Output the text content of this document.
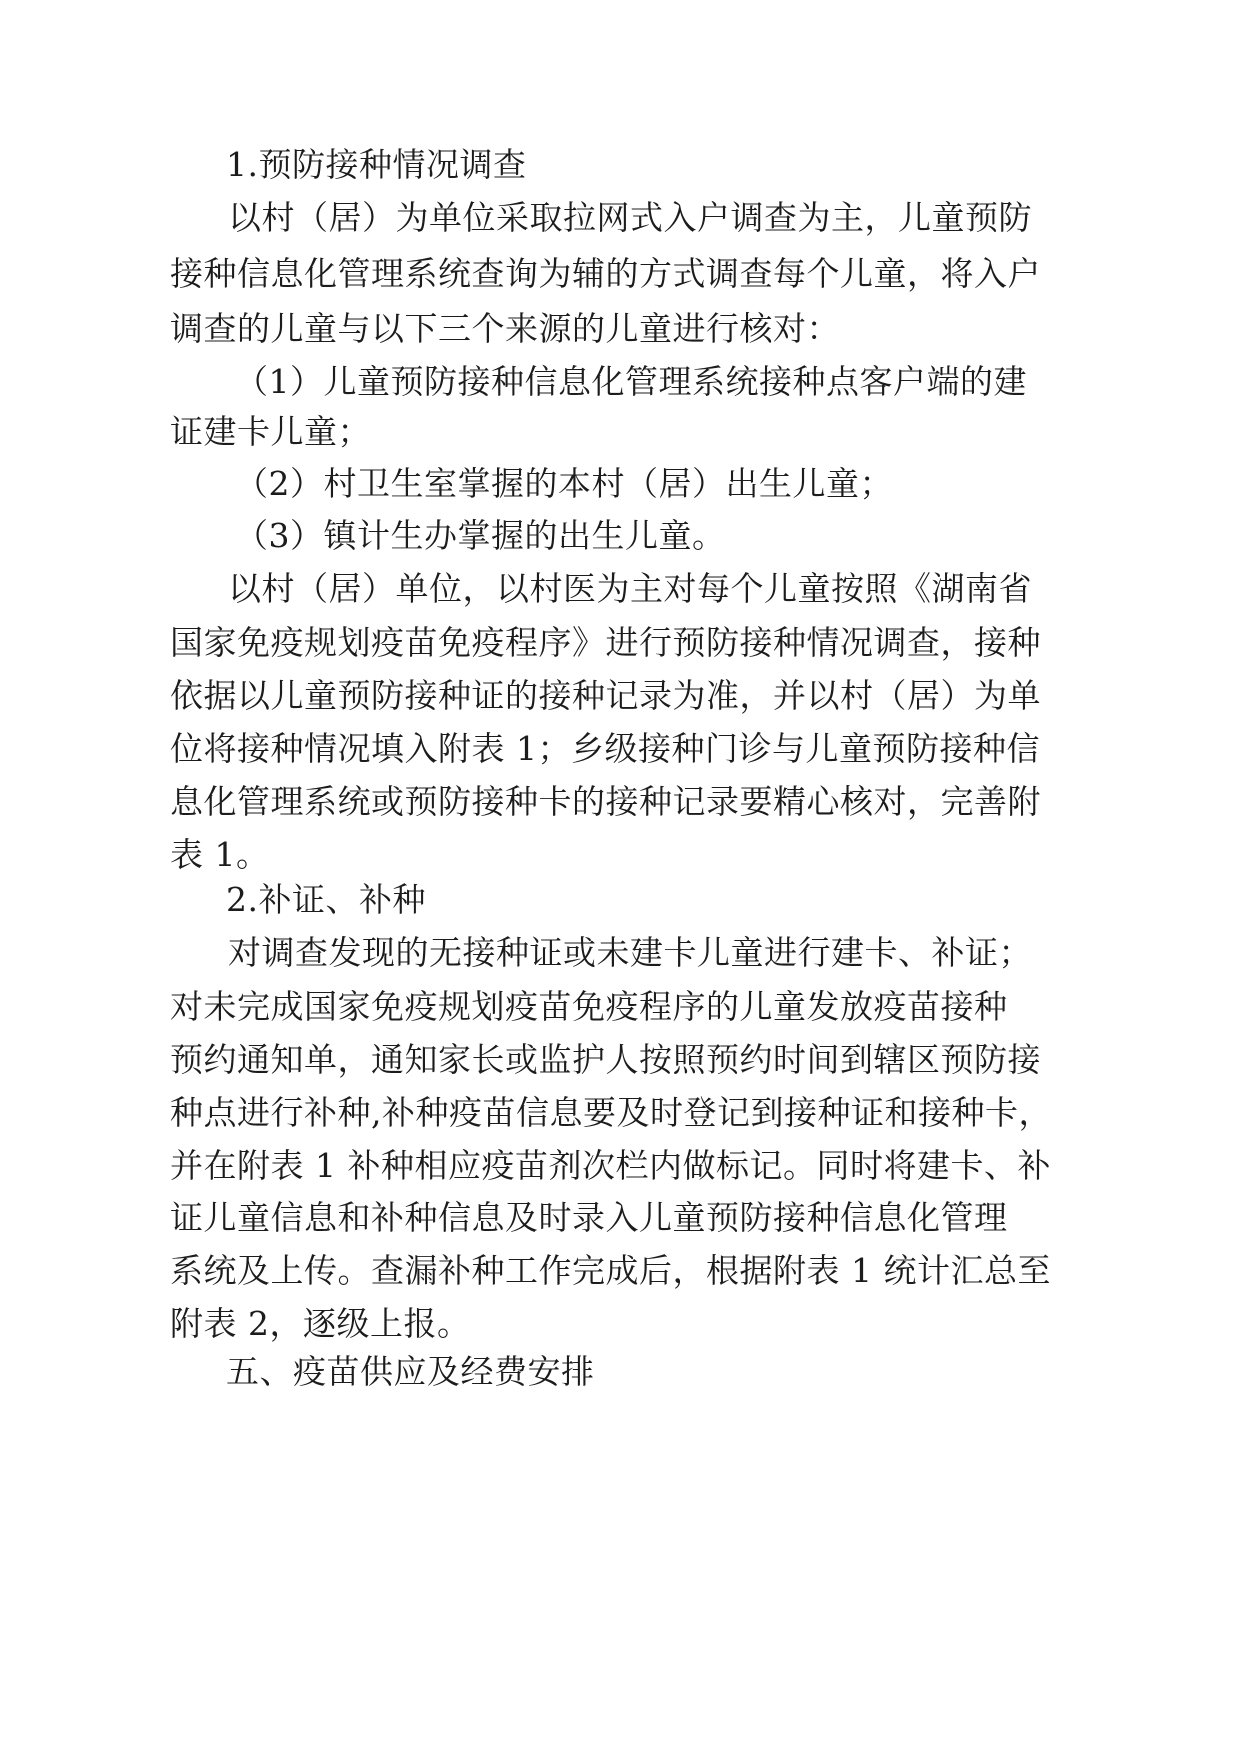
1.预防接种情况调查
以 村 （ 居 ） 为 单 位 采 取 拉 网 式 入 户 调 查 为 主 ， 儿 童 预 防
接 种 信 息 化 管 理 系 统 查 询 为 辅 的 方 式 调 查 每 个 儿 童 ， 将 入 户
调查的儿童与以下三个来源的儿童进行核对：
（ 1 ） 儿 童 预 防 接 种 信 息 化 管 理 系 统 接 种 点 客 户 端 的 建
证建卡儿童；
（2）村卫生室掌握的本村（居）出生儿童；
（3）镇计生办掌握的出生儿童。
以 村 （ 居 ） 单 位 ， 以 村 医 为 主 对 每 个 儿 童 按 照 《 湖 南 省
国 家 免 疫 规 划 疫 苗 免 疫 程 序 》 进 行 预 防 接 种 情 况 调 查 ， 接 种
依 据 以 儿 童 预 防 接 种 证 的 接 种 记 录 为 准 ， 并 以 村 （ 居 ） 为 单
位 将 接 种 情 况 填 入 附 表
1 ； 乡 级 接 种 门 诊 与 儿 童 预 防 接 种 信
息 化 管 理 系 统 或 预 防 接 种 卡 的 接 种 记 录 要 精 心 核 对 ， 完 善 附
表 1。
2.补证、补种
对 调 查 发 现 的 无 接 种 证 或 未 建 卡 儿 童 进 行 建 卡 、 补 证 ；
对 未 完 成 国 家 免 疫 规 划 疫 苗 免 疫 程 序 的 儿 童 发 放 疫 苗 接 种
预 约 通 知 单 ， 通 知 家 长 或 监 护 人 按 照 预 约 时 间 到 辖 区 预 防 接
种 点 进 行 补 种 , 补 种 疫 苗 信 息 要 及 时 登 记 到 接 种 证 和 接 种 卡 ，
并 在 附 表
1
补 种 相 应 疫 苗 剂 次 栏 内 做 标 记 。 同 时 将 建 卡 、 补
证 儿 童 信 息 和 补 种 信 息 及 时 录 入 儿 童 预 防 接 种 信 息 化 管 理
系 统 及 上 传 。 查 漏 补 种 工 作 完 成 后 ， 根 据 附 表
1
统 计 汇 总 至
附表 2，逐级上报。
五、疫苗供应及经费安排
